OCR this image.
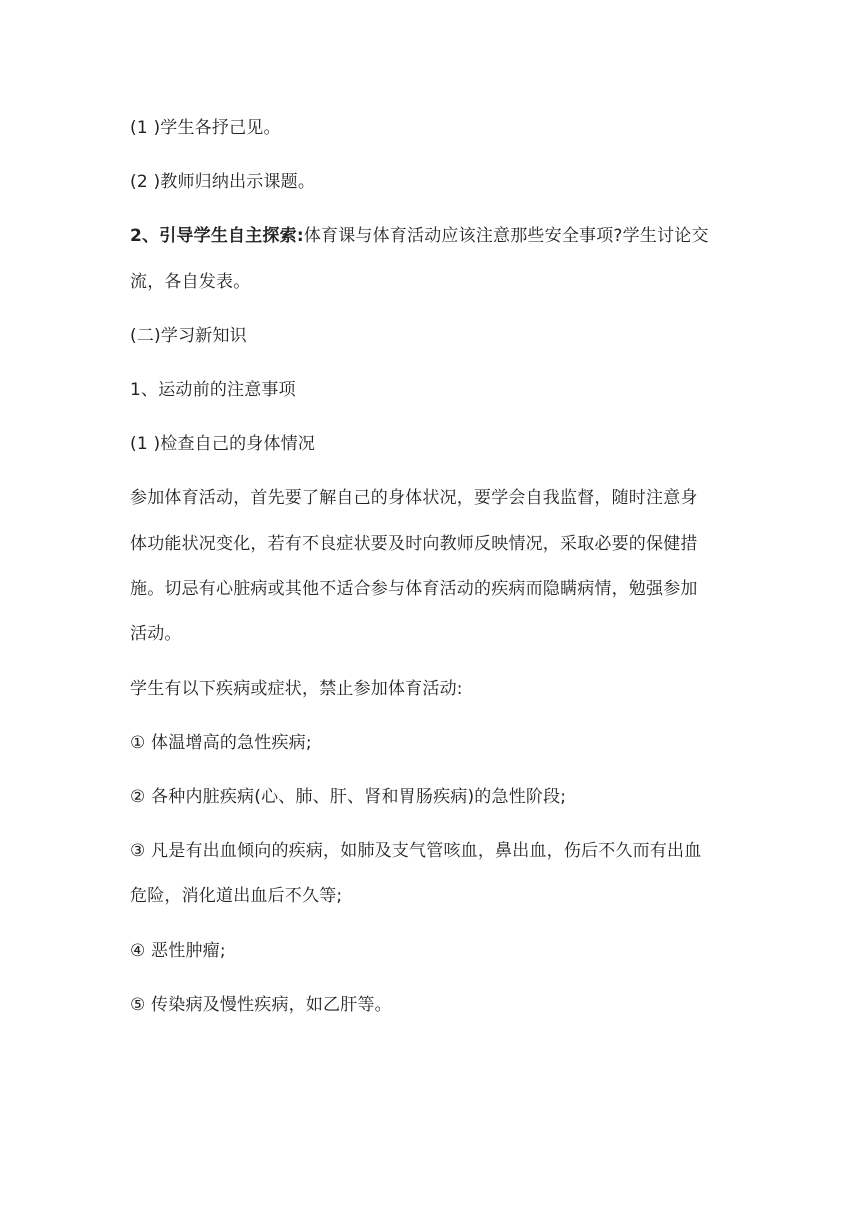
(1 )学生各抒己见。
(2 )教师归纳出示课题。
2、引导学生自主探索:体育课与体育活动应该注意那些安全事项?学生讨论交
流，各自发表。
(二)学习新知识
1、运动前的注意事项
(1 )检查自己的身体情况
参加体育活动，首先要了解自己的身体状况，要学会自我监督，随时注意身
体功能状况变化，若有不良症状要及时向教师反映情况，采取必要的保健措
施。切忌有心脏病或其他不适合参与体育活动的疾病而隐瞒病情，勉强参加
活动。
学生有以下疾病或症状，禁止参加体育活动:
① 体温增高的急性疾病;
② 各种内脏疾病(心、肺、肝、肾和胃肠疾病)的急性阶段;
③ 凡是有出血倾向的疾病，如肺及支气管咳血，鼻出血，伤后不久而有出血
危险，消化道出血后不久等;
④ 恶性肿瘤;
⑤ 传染病及慢性疾病，如乙肝等。
